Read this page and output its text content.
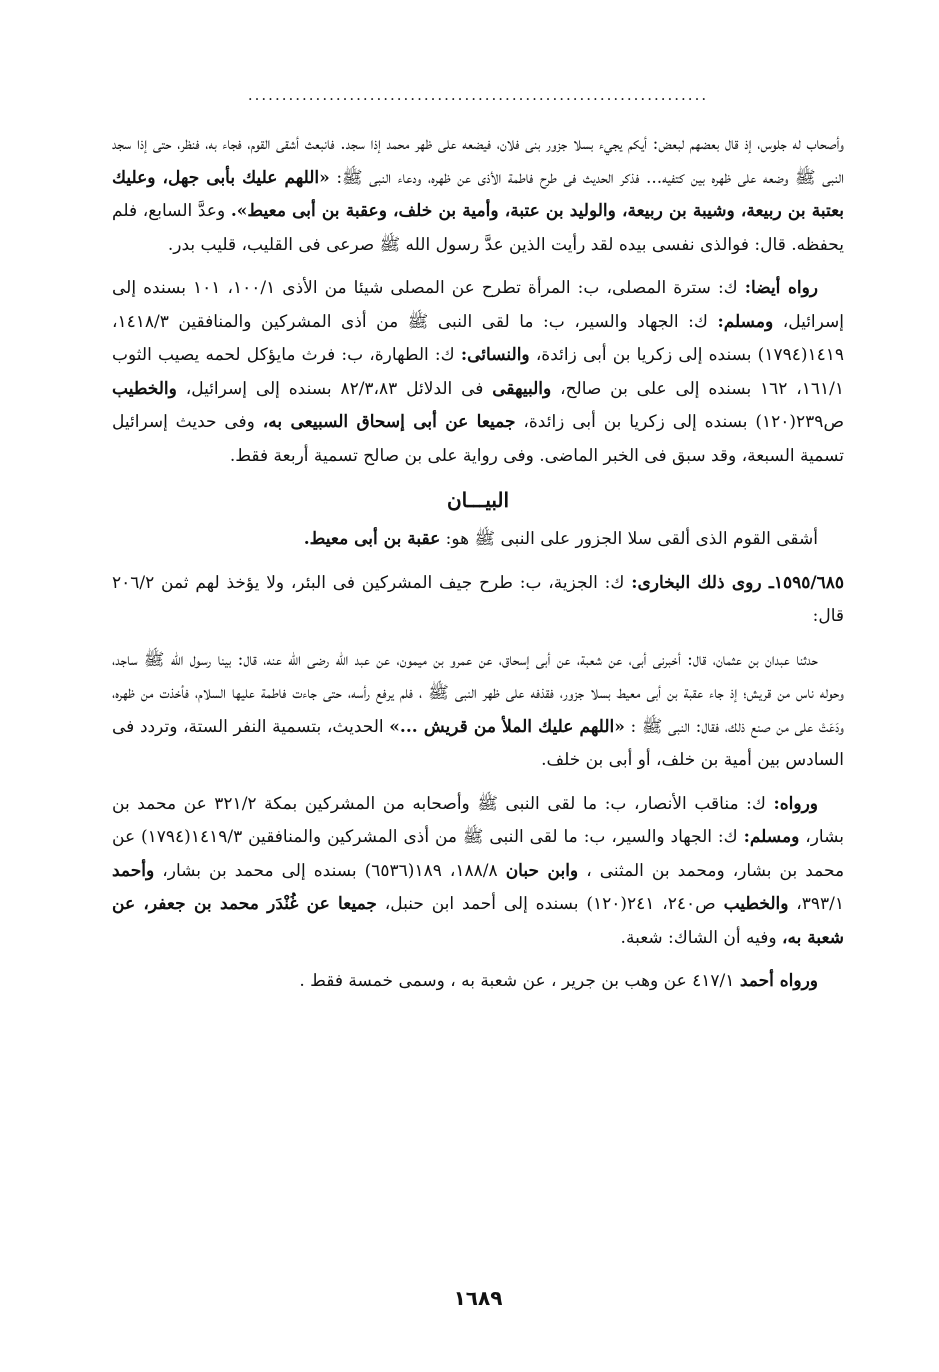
....................................................................

وأصحاب له جلوس، إذ قال بعضهم لبعض: أيكم يجيء بسلا جزور بنى فلان، فيضعه على ظهر محمد إذا سجد. فانبعث أشقى القوم، فجاء به، فنظر، حتى إذا سجد النبى ﷺ وضعه على ظهره بين كتفيه... فذكر الحديث فى طرح فاطمة الأذى عن ظهره، ودعاء النبى ﷺ: «اللهم عليك بأبى جهل، وعليك بعتبة بن ربيعة، وشيبة بن ربيعة، والوليد بن عتبة، وأمية بن خلف، وعقبة بن أبى معيط». وعدَّ السابع، فلم يحفظه. قال: فوالذى نفسى بيده لقد رأيت الذين عدَّ رسول الله ﷺ صرعى فى القليب، قليب بدر.

رواه أيضا: ك: سترة المصلى، ب: المرأة تطرح عن المصلى شيئا من الأذى ١٠٠/١، ١٠١ بسنده إلى إسرائيل، ومسلم: ك: الجهاد والسير، ب: ما لقى النبى ﷺ من أذى المشركين والمنافقين ١٤١٨/٣، ١٤١٩(١٧٩٤) بسنده إلى زكريا بن أبى زائدة، والنسائى: ك: الطهارة، ب: فرث مايؤكل لحمه يصيب الثوب ١٦١/١، ١٦٢ بسنده إلى على بن صالح، والبيهقى فى الدلائل ٨٢/٣،٨٣ بسنده إلى إسرائيل، والخطيب ص٢٣٩(١٢٠) بسنده إلى زكريا بن أبى زائدة، جميعا عن أبى إسحاق السبيعى به، وفى حديث إسرائيل تسمية السبعة، وقد سبق فى الخبر الماضى. وفى رواية على بن صالح تسمية أربعة فقط.

البيـــان

أشقى القوم الذى ألقى سلا الجزور على النبى ﷺ هو: عقبة بن أبى معيط.

١٥٩٥/٦٨٥ـ روى ذلك البخارى: ك: الجزية، ب: طرح جيف المشركين فى البئر، ولا يؤخذ لهم ثمن ٢٠٦/٢ قال:

حدثنا عبدان بن عثمان، قال: أخبرنى أبى، عن شعبة، عن أبى إسحاق، عن عمرو بن ميمون، عن عبد الله رضى الله عنه، قال: بينا رسول الله ﷺ ساجد، وحوله ناس من قريش؛ إذ جاء عقبة بن أبى معيط بسلا جزور، فقذفه على ظهر النبى ﷺ ، فلم يرفع رأسه، حتى جاءت فاطمة عليها السلام، فأخذت من ظهره، ودَعَتْ على من صنع ذلك، فقال: النبى ﷺ : «اللهم عليك الملأ من قريش ...» الحديث، بتسمية النفر الستة، وتردد فى السادس بين أمية بن خلف، أو أبى بن خلف.

ورواه: ك: مناقب الأنصار، ب: ما لقى النبى ﷺ وأصحابه من المشركين بمكة ٣٢١/٢ عن محمد بن بشار، ومسلم: ك: الجهاد والسير، ب: ما لقى النبى ﷺ من أذى المشركين والمنافقين ١٤١٩/٣(١٧٩٤) عن محمد بن بشار، ومحمد بن المثنى ، وابن حبان ١٨٨/٨، ١٨٩(٦٥٣٦) بسنده إلى محمد بن بشار، وأحمد ٣٩٣/١، والخطيب ص٢٤٠، ٢٤١(١٢٠) بسنده إلى أحمد ابن حنبل، جميعا عن غُنْدَر محمد بن جعفر، عن شعبة به، وفيه أن الشاك: شعبة.

ورواه أحمد ٤١٧/١ عن وهب بن جرير ، عن شعبة به ، وسمى خمسة فقط .

١٦٨٩
